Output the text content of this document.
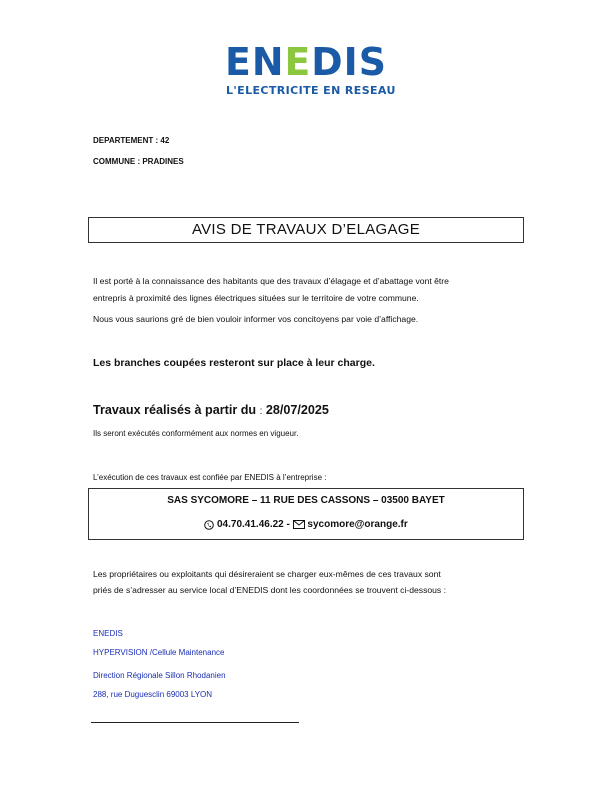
ENEDIS
L'ELECTRICITE EN RESEAU
DEPARTEMENT : 42
COMMUNE : PRADINES
AVIS DE TRAVAUX D’ELAGAGE
Il est porté à la connaissance des habitants que des travaux d’élagage et d’abattage vont être
entrepris à proximité des lignes électriques situées sur le territoire de votre commune.
Nous vous saurions gré de bien vouloir informer vos concitoyens par voie d’affichage.
Les branches coupées resteront sur place à leur charge.
Travaux réalisés à partir du : 28/07/2025
Ils seront exécutés conformément aux normes en vigueur.
L’exécution de ces travaux est confiée par ENEDIS à l’entreprise :
SAS SYCOMORE – 11 RUE DES CASSONS – 03500 BAYET
04.70.41.46.22 - sycomore@orange.fr
Les propriétaires ou exploitants qui désireraient se charger eux-mêmes de ces travaux sont
priés de s’adresser au service local d’ENEDIS dont les coordonnées se trouvent ci-dessous :
ENEDIS
HYPERVISION /Cellule Maintenance
Direction Régionale Sillon Rhodanien
288, rue Duguesclin 69003 LYON
